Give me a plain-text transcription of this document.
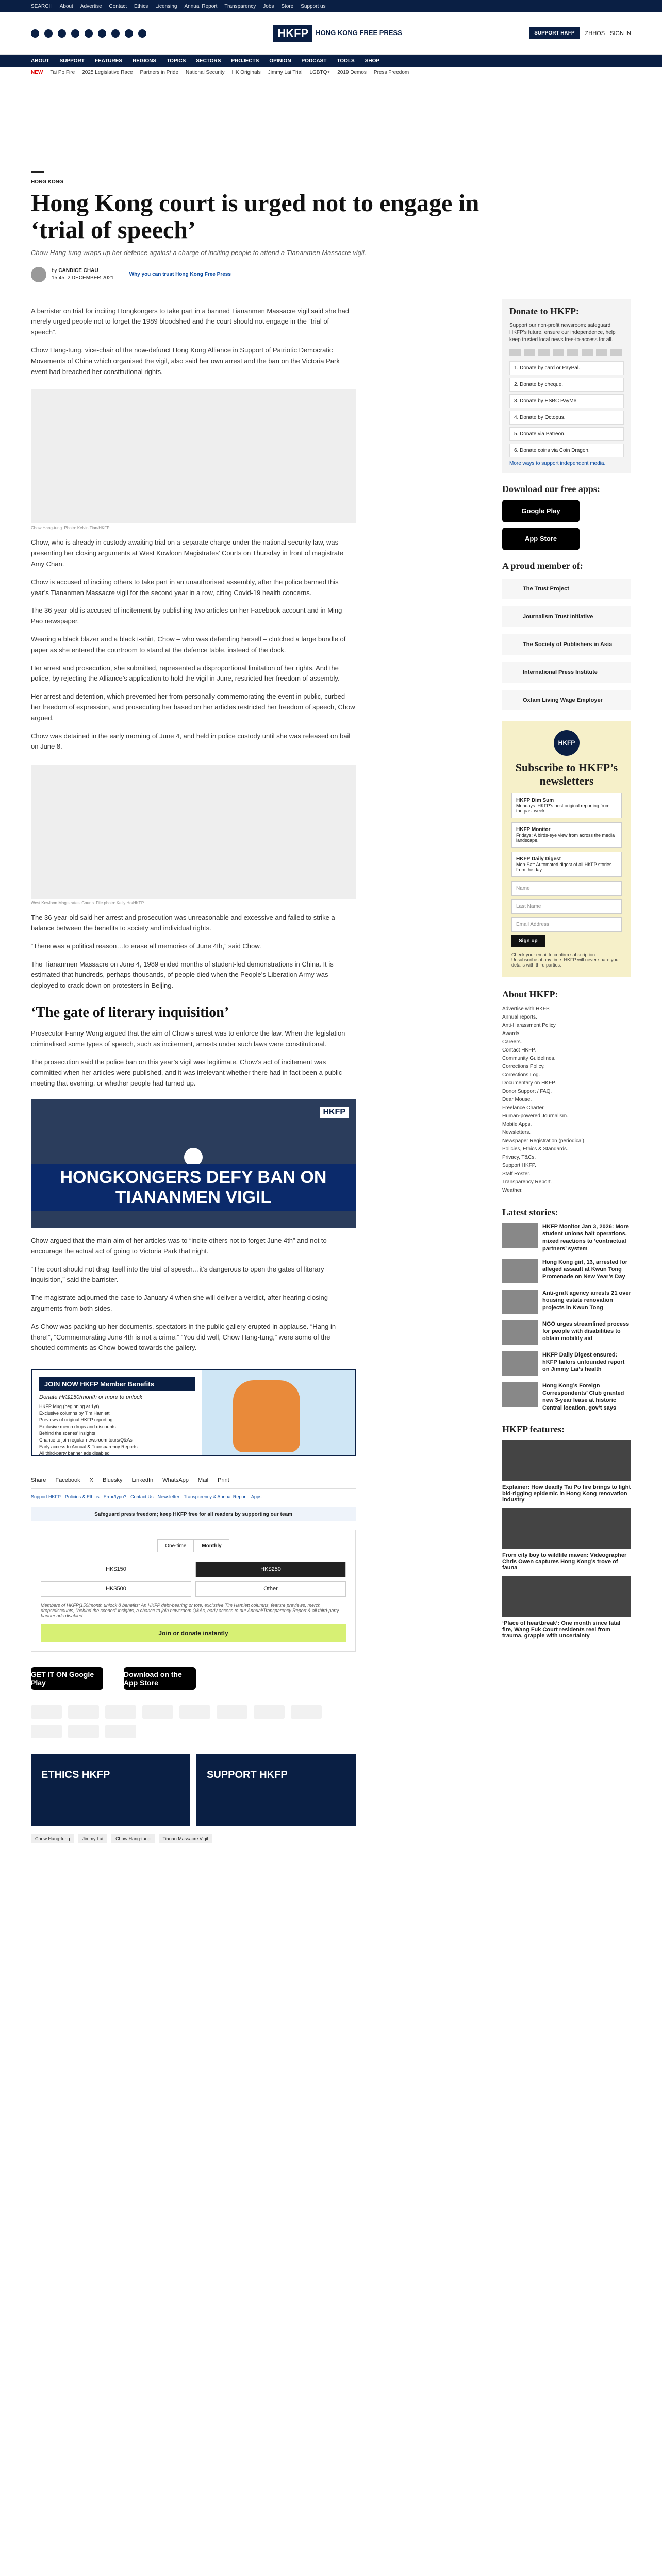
SEARCH About Advertise Contact Ethics Licensing Annual Report Transparency Jobs Store Support us
HKFP	HONG KONG FREE PRESS	SUPPORT HKFP	ZHHOS SIGN IN
ABOUT SUPPORT FEATURES REGIONS TOPICS SECTORS PROJECTS OPINION PODCAST TOOLS SHOP
NEW Tai Po Fire 2025 Legislative Race Partners in Pride National Security HK Originals Jimmy Lai Trial LGBTQ+ 2019 Demos Press Freedom
HONG KONG
Hong Kong court is urged not to engage in ‘trial of speech’
Chow Hang-tung wraps up her defence against a charge of inciting people to attend a Tiananmen Massacre vigil.
by CANDICE CHAU
15:45, 2 DECEMBER 2021
Why you can trust Hong Kong Free Press

A barrister on trial for inciting Hongkongers to take part in a banned Tiananmen Massacre vigil said she had merely urged people not to forget the 1989 bloodshed and the court should not engage in the “trial of speech”.

Chow Hang-tung, vice-chair of the now-defunct Hong Kong Alliance in Support of Patriotic Democratic Movements of China which organised the vigil, also said her own arrest and the ban on the Victoria Park event had breached her constitutional rights.

Chow Hang-tung. Photo: Kelvin Tian/HKFP.

Chow, who is already in custody awaiting trial on a separate charge under the national security law, was presenting her closing arguments at West Kowloon Magistrates’ Courts on Thursday in front of magistrate Amy Chan.

Chow is accused of inciting others to take part in an unauthorised assembly, after the police banned this year’s Tiananmen Massacre vigil for the second year in a row, citing Covid-19 health concerns.

The 36-year-old is accused of incitement by publishing two articles on her Facebook account and in Ming Pao newspaper.

Wearing a black blazer and a black t-shirt, Chow – who was defending herself – clutched a large bundle of paper as she entered the courtroom to stand at the defence table, instead of the dock.

Her arrest and prosecution, she submitted, represented a disproportional limitation of her rights. And the police, by rejecting the Alliance’s application to hold the vigil in June, restricted her freedom of assembly.

Her arrest and detention, which prevented her from personally commemorating the event in public, curbed her freedom of expression, and prosecuting her based on her articles restricted her freedom of speech, Chow argued.

Chow was detained in the early morning of June 4, and held in police custody until she was released on bail on June 8.

West Kowloon Magistrates’ Courts. File photo: Kelly Ho/HKFP.

The 36-year-old said her arrest and prosecution was unreasonable and excessive and failed to strike a balance between the benefits to society and individual rights.

“There was a political reason…to erase all memories of June 4th,” said Chow.

The Tiananmen Massacre on June 4, 1989 ended months of student-led demonstrations in China. It is estimated that hundreds, perhaps thousands, of people died when the People’s Liberation Army was deployed to crack down on protesters in Beijing.

‘The gate of literary inquisition’

Prosecutor Fanny Wong argued that the aim of Chow’s arrest was to enforce the law. When the legislation criminalised some types of speech, such as incitement, arrests under such laws were constitutional.

The prosecution said the police ban on this year’s vigil was legitimate. Chow’s act of incitement was committed when her articles were published, and it was irrelevant whether there had in fact been a public meeting that evening, or whether people had turned up.

HKFP
HONGKONGERS DEFY BAN ON TIANANMEN VIGIL

Chow argued that the main aim of her articles was to “incite others not to forget June 4th” and not to encourage the actual act of going to Victoria Park that night.

“The court should not drag itself into the trial of speech…it’s dangerous to open the gates of literary inquisition,” said the barrister.

The magistrate adjourned the case to January 4 when she will deliver a verdict, after hearing closing arguments from both sides.

As Chow was packing up her documents, spectators in the public gallery erupted in applause. “Hang in there!”, “Commemorating June 4th is not a crime.” “You did well, Chow Hang-tung,” were some of the shouted comments as Chow bowed towards the gallery.

JOIN NOW HKFP Member Benefits
Donate HK$150/month or more to unlock
HKFP Mug (beginning at 1yr)
Exclusive columns by Tim Hamlett
Previews of original HKFP reporting
Exclusive merch drops and discounts
Behind the scenes’ insights
Chance to join regular newsroom tours/Q&As
Early access to Annual & Transparency Reports
All third-party banner ads disabled
Share Facebook X Bluesky LinkedIn WhatsApp Mail Print
Support HKFP Policies & Ethics Error/typo? Contact Us Newsletter Transparency & Annual Report Apps
Safeguard press freedom; keep HKFP free for all readers by supporting our team
One-time	Monthly
HK$150	HK$250
HK$500	Other
Members of HKFP(150/month unlock 8 benefits: An HKFP debt-bearing or tote, exclusive Tim Hamlett columns, feature previews, merch drops/discounts, “behind the scenes” insights, a chance to join newsroom Q&As, early access to our Annual/Transparency Report & all third-party banner ads disabled.
Join or donate instantly
GET IT ON Google Play
Download on the App Store
ETHICS HKFP	SUPPORT HKFP
Chow Hang-tung	Jimmy Lai	Chow Hang-tung	Tianan Massacre Vigil
Donate to HKFP:
Support our non-profit newsroom: safeguard HKFP’s future, ensure our independence, help keep trusted local news free-to-access for all.
1. Donate by card or PayPal.
2. Donate by cheque.
3. Donate by HSBC PayMe.
4. Donate by Octopus.
5. Donate via Patreon.
6. Donate coins via Coin Dragon.
More ways to support independent media.
Download our free apps:
Google Play
App Store
A proud member of:
The Trust Project
Journalism Trust Initiative
The Society of Publishers in Asia
International Press Institute
Oxfam Living Wage Employer
HKFP
Subscribe to HKFP’s newsletters
HKFP Dim Sum
Mondays: HKFP’s best original reporting from the past week.
HKFP Monitor
Fridays: A birds-eye view from across the media landscape.
HKFP Daily Digest
Mon-Sat: Automated digest of all HKFP stories from the day.
Name
Last Name
Email Address
Sign up
Check your email to confirm subscription. Unsubscribe at any time. HKFP will never share your details with third parties.
About HKFP:
Advertise with HKFP.
Annual reports.
Anti-Harassment Policy.
Awards.
Careers.
Contact HKFP.
Community Guidelines.
Corrections Policy.
Corrections Log.
Documentary on HKFP.
Donor Support / FAQ.
Dear Mouse.
Freelance Charter.
Human-powered Journalism.
Mobile Apps.
Newsletters.
Newspaper Registration (periodical).
Policies, Ethics & Standards.
Privacy, T&Cs.
Support HKFP.
Staff Roster.
Transparency Report.
Weather.
Latest stories:
HKFP Monitor Jan 3, 2026: More student unions halt operations, mixed reactions to ‘contractual partners’ system
Hong Kong girl, 13, arrested for alleged assault at Kwun Tong Promenade on New Year’s Day
Anti-graft agency arrests 21 over housing estate renovation projects in Kwun Tong
NGO urges streamlined process for people with disabilities to obtain mobility aid
HKFP Daily Digest ensured: hKFP tailors unfounded report on Jimmy Lai’s health
Hong Kong’s Foreign Correspondents’ Club granted new 3-year lease at historic Central location, gov’t says
HKFP features:
Explainer: How deadly Tai Po fire brings to light bid-rigging epidemic in Hong Kong renovation industry
From city boy to wildlife maven: Videographer Chris Owen captures Hong Kong’s trove of fauna
‘Place of heartbreak’: One month since fatal fire, Wang Fuk Court residents reel from trauma, grapple with uncertainty
